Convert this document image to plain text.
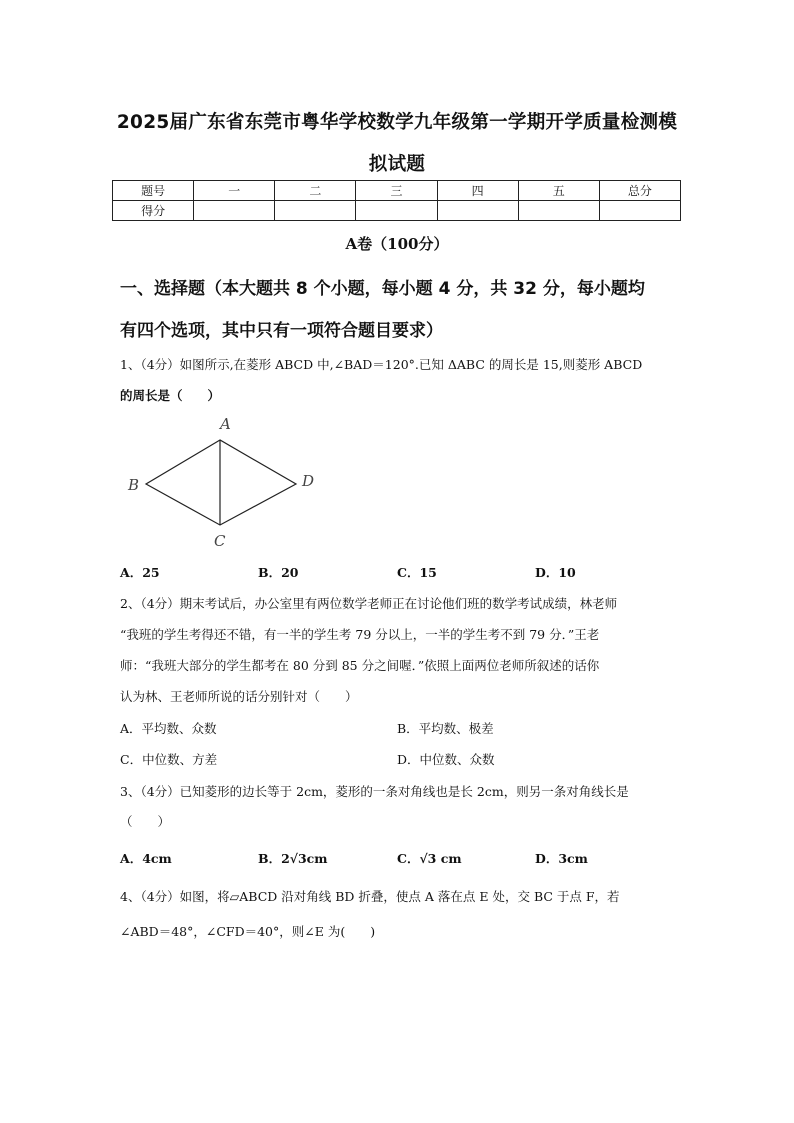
2025届广东省东莞市粤华学校数学九年级第一学期开学质量检测模
拟试题
题号	一	二	三	四	五	总分
得分						
A卷（100分）
一、选择题（本大题共 8 个小题，每小题 4 分，共 32 分，每小题均
有四个选项，其中只有一项符合题目要求）
1、（4分）如图所示,在菱形 ABCD 中,∠BAD＝120°.已知 ΔABC 的周长是 15,则菱形 ABCD
的周长是（　　）
A
B
C
D
A．25	B．20	C．15	D．10
2、（4分）期末考试后，办公室里有两位数学老师正在讨论他们班的数学考试成绩，林老师
“我班的学生考得还不错，有一半的学生考 79 分以上，一半的学生考不到 79 分．”王老
师：“我班大部分的学生都考在 80 分到 85 分之间喔．”依照上面两位老师所叙述的话你
认为林、王老师所说的话分别针对（　　）
A．平均数、众数	B．平均数、极差
C．中位数、方差	D．中位数、众数
3、（4分）已知菱形的边长等于 2cm，菱形的一条对角线也是长 2cm，则另一条对角线长是
（　　）
A．4cm	B．2√3cm	C．√3 cm	D．3cm
4、（4分）如图，将▱ABCD 沿对角线 BD 折叠，使点 A 落在点 E 处，交 BC 于点 F，若
∠ABD＝48°，∠CFD＝40°，则∠E 为(　　)
